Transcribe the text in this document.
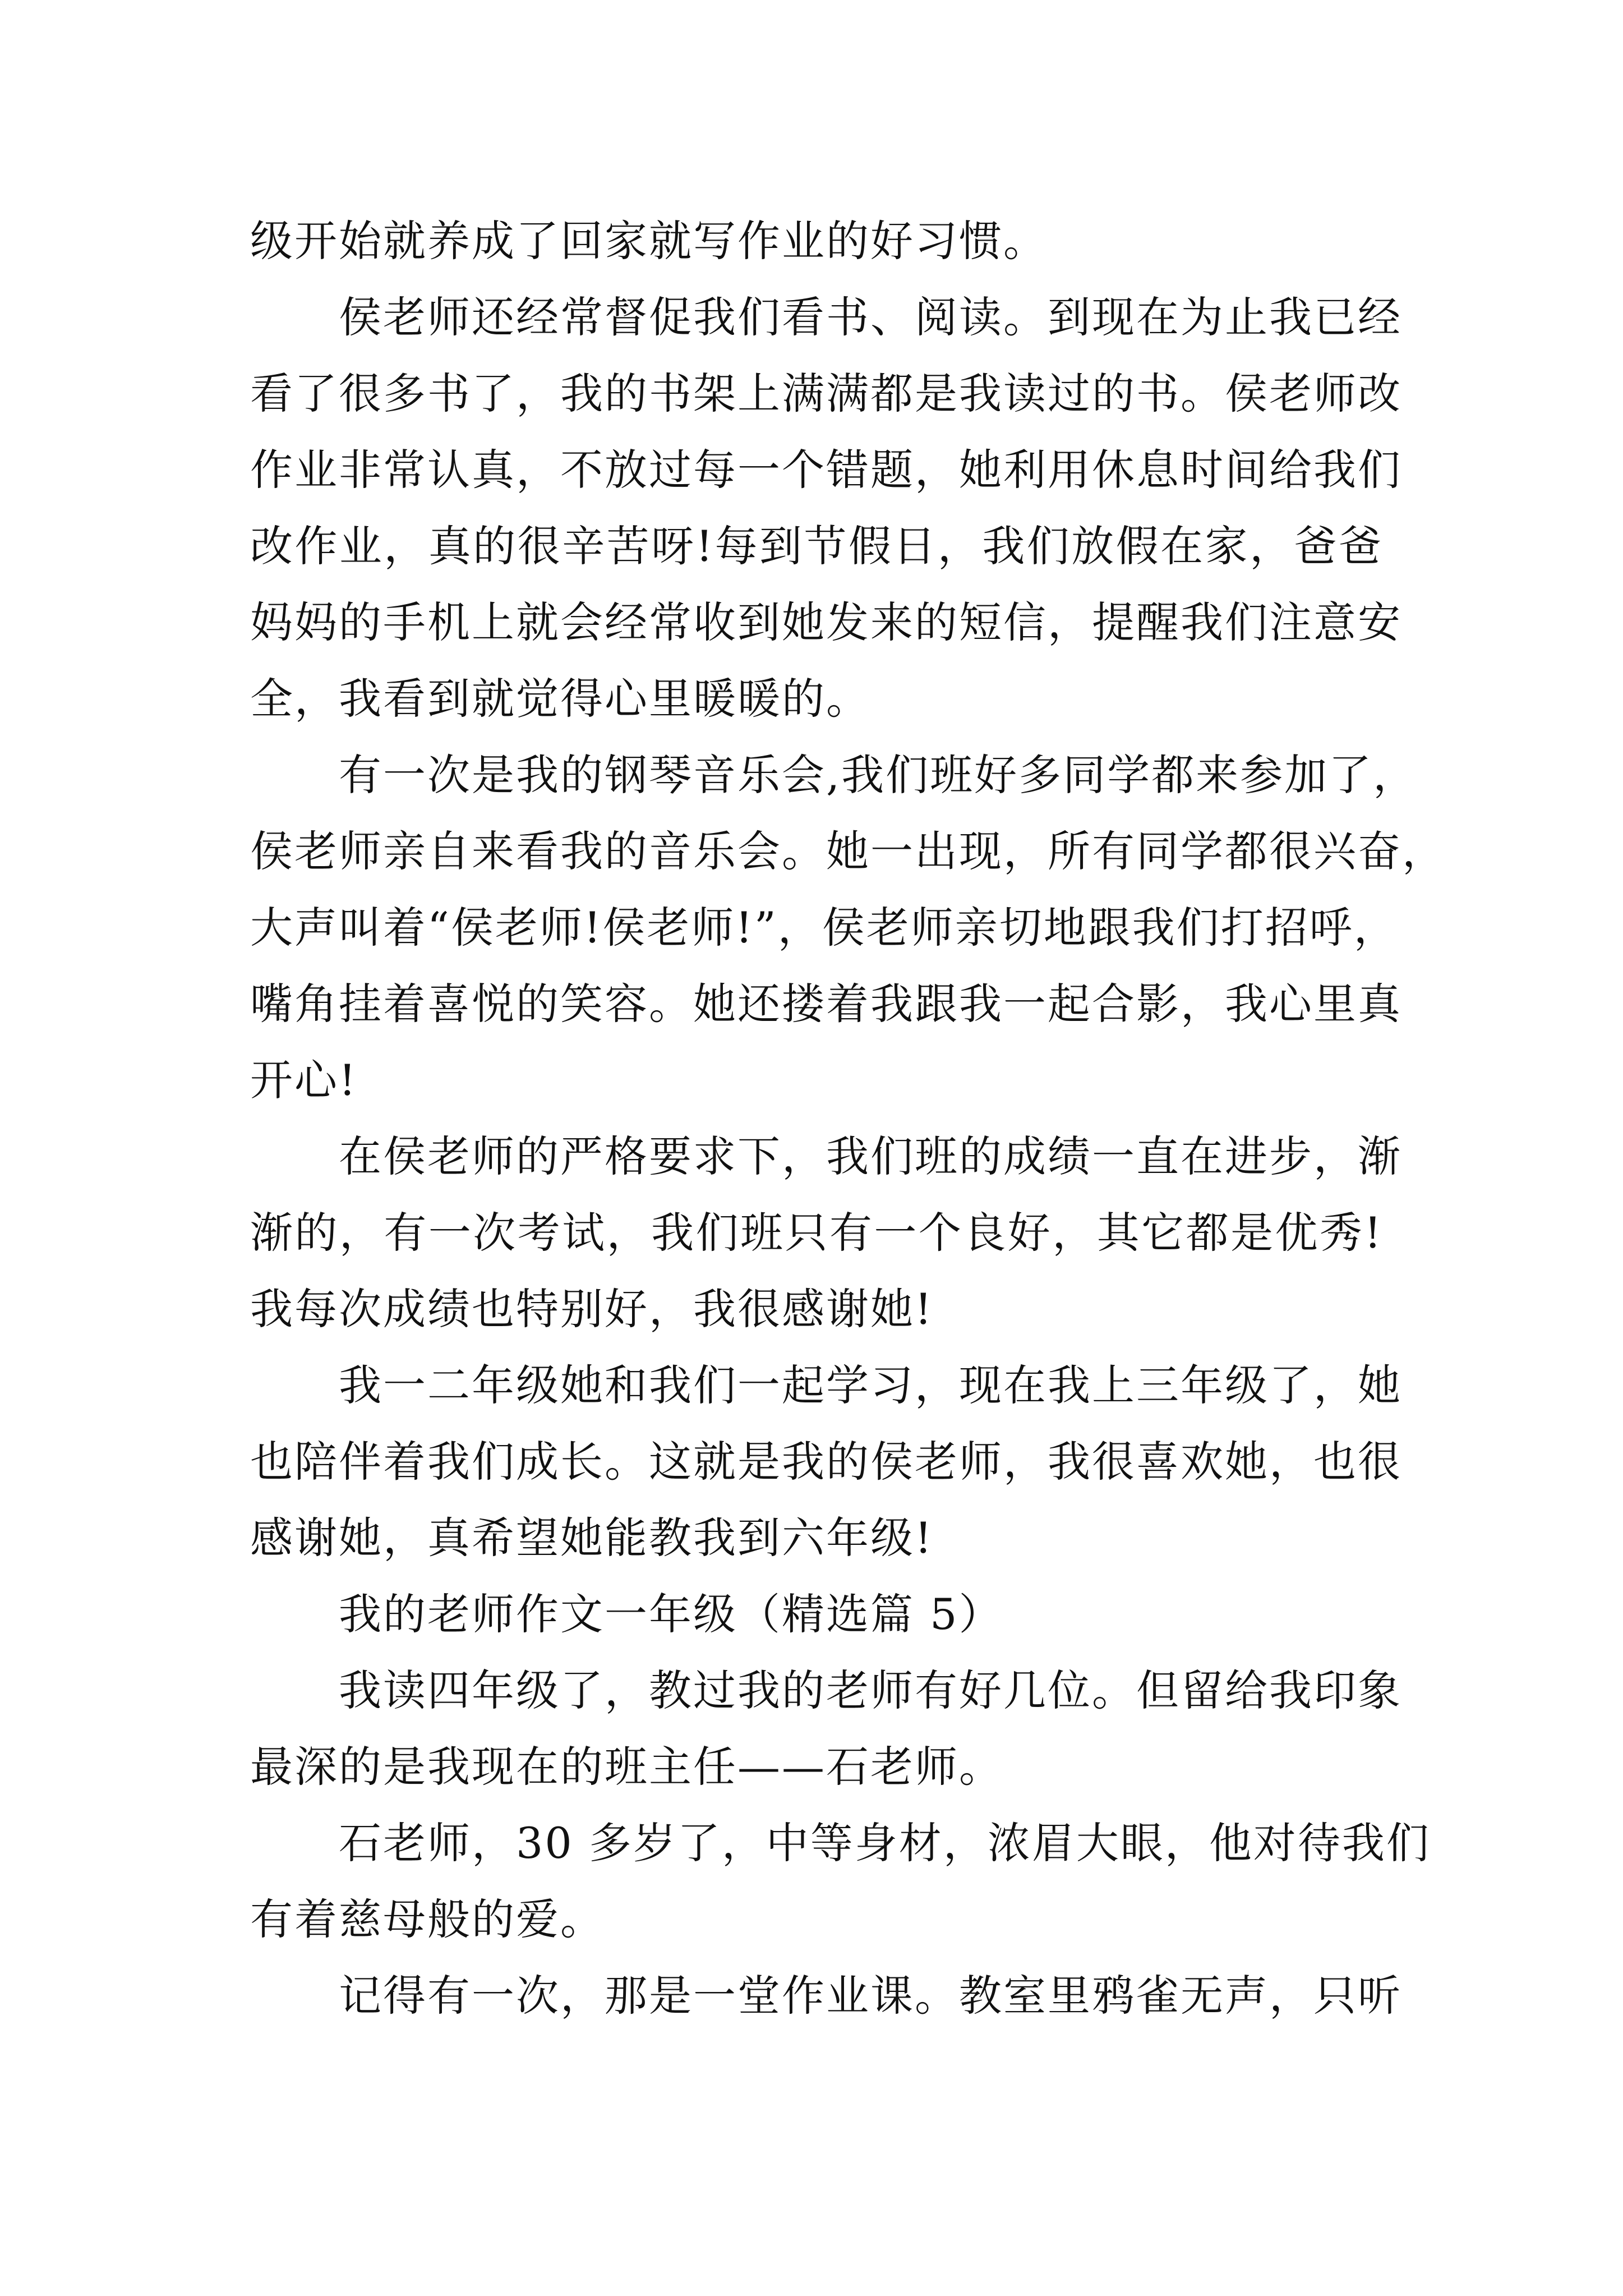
级开始就养成了回家就写作业的好习惯。
侯老师还经常督促我们看书、阅读。到现在为止我已经
看了很多书了，我的书架上满满都是我读过的书。侯老师改
作业非常认真，不放过每一个错题，她利用休息时间给我们
改作业，真的很辛苦呀!每到节假日，我们放假在家，爸爸
妈妈的手机上就会经常收到她发来的短信，提醒我们注意安
全，我看到就觉得心里暖暖的。
有一次是我的钢琴音乐会,我们班好多同学都来参加了，
侯老师亲自来看我的音乐会。她一出现，所有同学都很兴奋，
大声叫着“侯老师!侯老师!”，侯老师亲切地跟我们打招呼，
嘴角挂着喜悦的笑容。她还搂着我跟我一起合影，我心里真
开心!
在侯老师的严格要求下，我们班的成绩一直在进步，渐
渐的，有一次考试，我们班只有一个良好，其它都是优秀!
我每次成绩也特别好，我很感谢她!
我一二年级她和我们一起学习，现在我上三年级了，她
也陪伴着我们成长。这就是我的侯老师，我很喜欢她，也很
感谢她，真希望她能教我到六年级!
我的老师作文一年级（精选篇 5）
我读四年级了，教过我的老师有好几位。但留给我印象
最深的是我现在的班主任——石老师。
石老师，30 多岁了，中等身材，浓眉大眼，他对待我们
有着慈母般的爱。
记得有一次，那是一堂作业课。教室里鸦雀无声，只听
